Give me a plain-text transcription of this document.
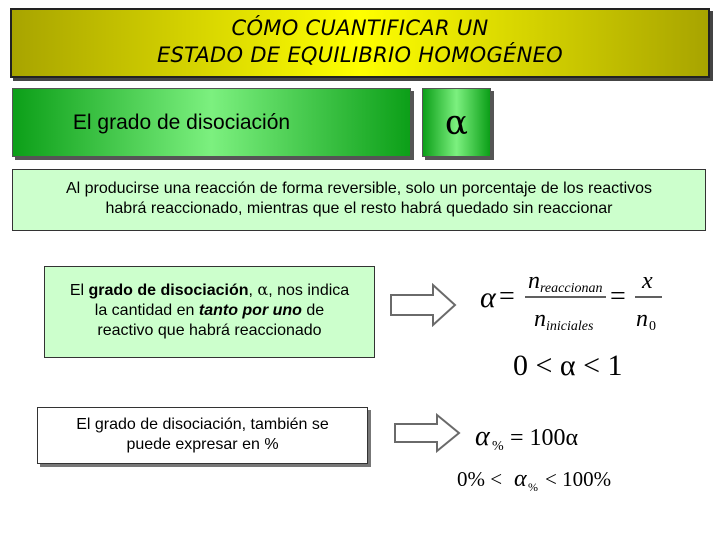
CÓMO CUANTIFICAR UN
ESTADO DE EQUILIBRIO HOMOGÉNEO
El grado de disociación	α
Al producirse una reacción de forma reversible, solo un porcentaje de los reactivos
habrá reaccionado, mientras que el resto habrá quedado sin reaccionar
El grado de disociación, α, nos indica
la cantidad en tanto por uno de
reactivo que habrá reaccionado
El grado de disociación, también se
puede expresar en %
α = n reaccionan
n iniciales
= x
n 0
0 < α < 1
α % = 100α
0% < α % < 100%
